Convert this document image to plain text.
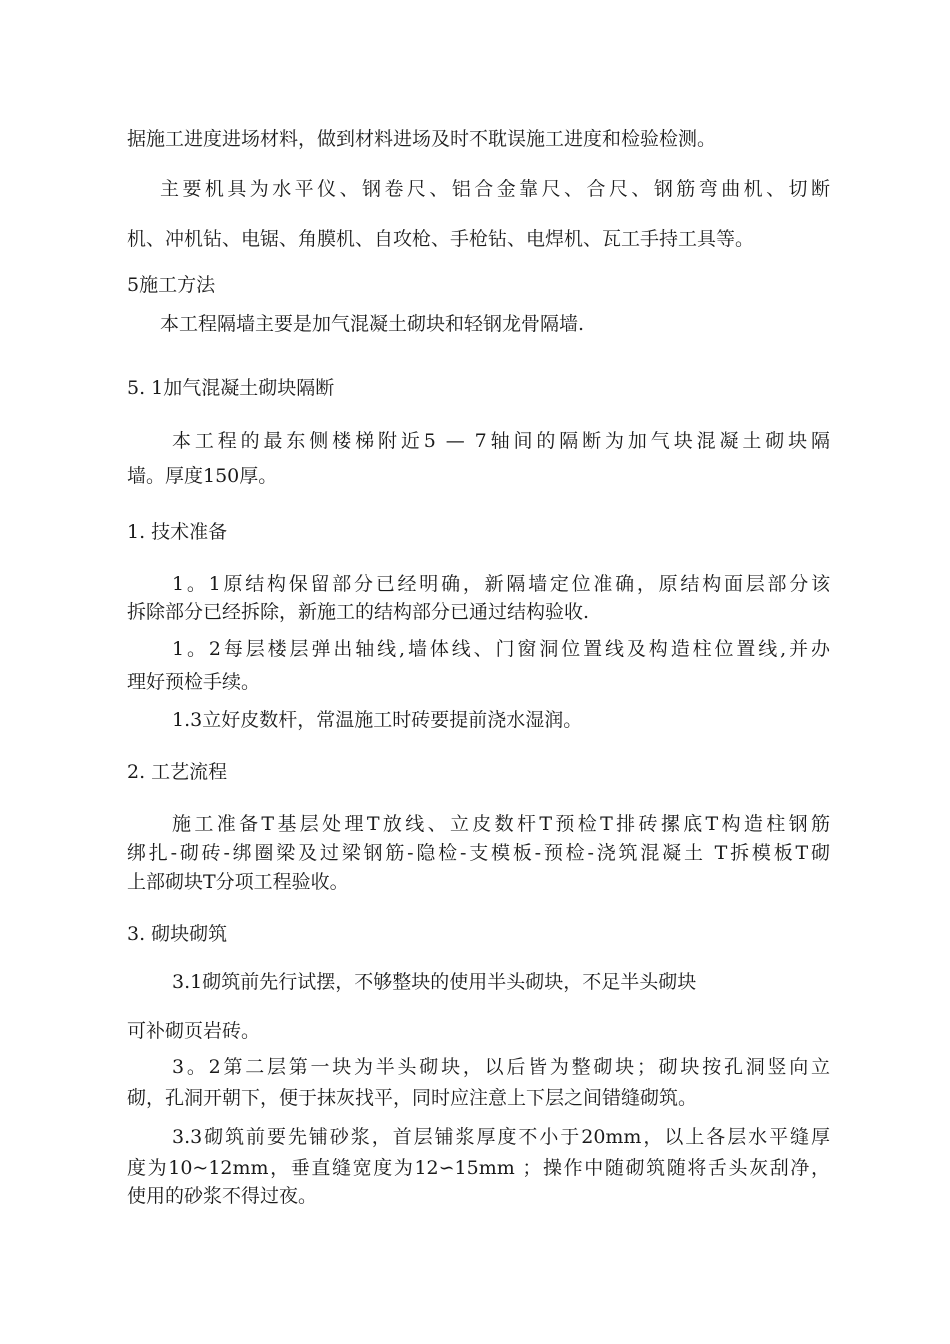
据施工进度进场材料，做到材料进场及时不耽误施工进度和检验检测。
主要机具为水平仪、钢卷尺、铝合金靠尺、合尺、钢筋弯曲机、切断
机、冲机钻、电锯、角膜机、自攻枪、手枪钻、电焊机、瓦工手持工具等。
5施工方法
本工程隔墙主要是加气混凝土砌块和轻钢龙骨隔墙.
5. 1加气混凝土砌块隔断
本工程的最东侧楼梯附近5 — 7轴间的隔断为加气块混凝土砌块隔
墙。厚度150厚。
1. 技术准备
1。1原结构保留部分已经明确，新隔墙定位准确，原结构面层部分该
拆除部分已经拆除，新施工的结构部分已通过结构验收.
1。2每层楼层弹出轴线,墙体线、门窗洞位置线及构造柱位置线,并办
理好预检手续。
1.3立好皮数杆，常温施工时砖要提前浇水湿润。
2. 工艺流程
施工准备T基层处理T放线、立皮数杆T预检T排砖摞底T构造柱钢筋
绑扎-砌砖-绑圈梁及过梁钢筋-隐检-支模板-预检-浇筑混凝土 T拆模板T砌
上部砌块T分项工程验收。
3. 砌块砌筑
3.1砌筑前先行试摆，不够整块的使用半头砌块，不足半头砌块
可补砌页岩砖。
3。2第二层第一块为半头砌块，以后皆为整砌块；砌块按孔洞竖向立
砌，孔洞开朝下，便于抹灰找平，同时应注意上下层之间错缝砌筑。
3.3砌筑前要先铺砂浆，首层铺浆厚度不小于20mm，以上各层水平缝厚
度为10~12mm，垂直缝宽度为12∽15mm ；操作中随砌筑随将舌头灰刮净，
使用的砂浆不得过夜。
